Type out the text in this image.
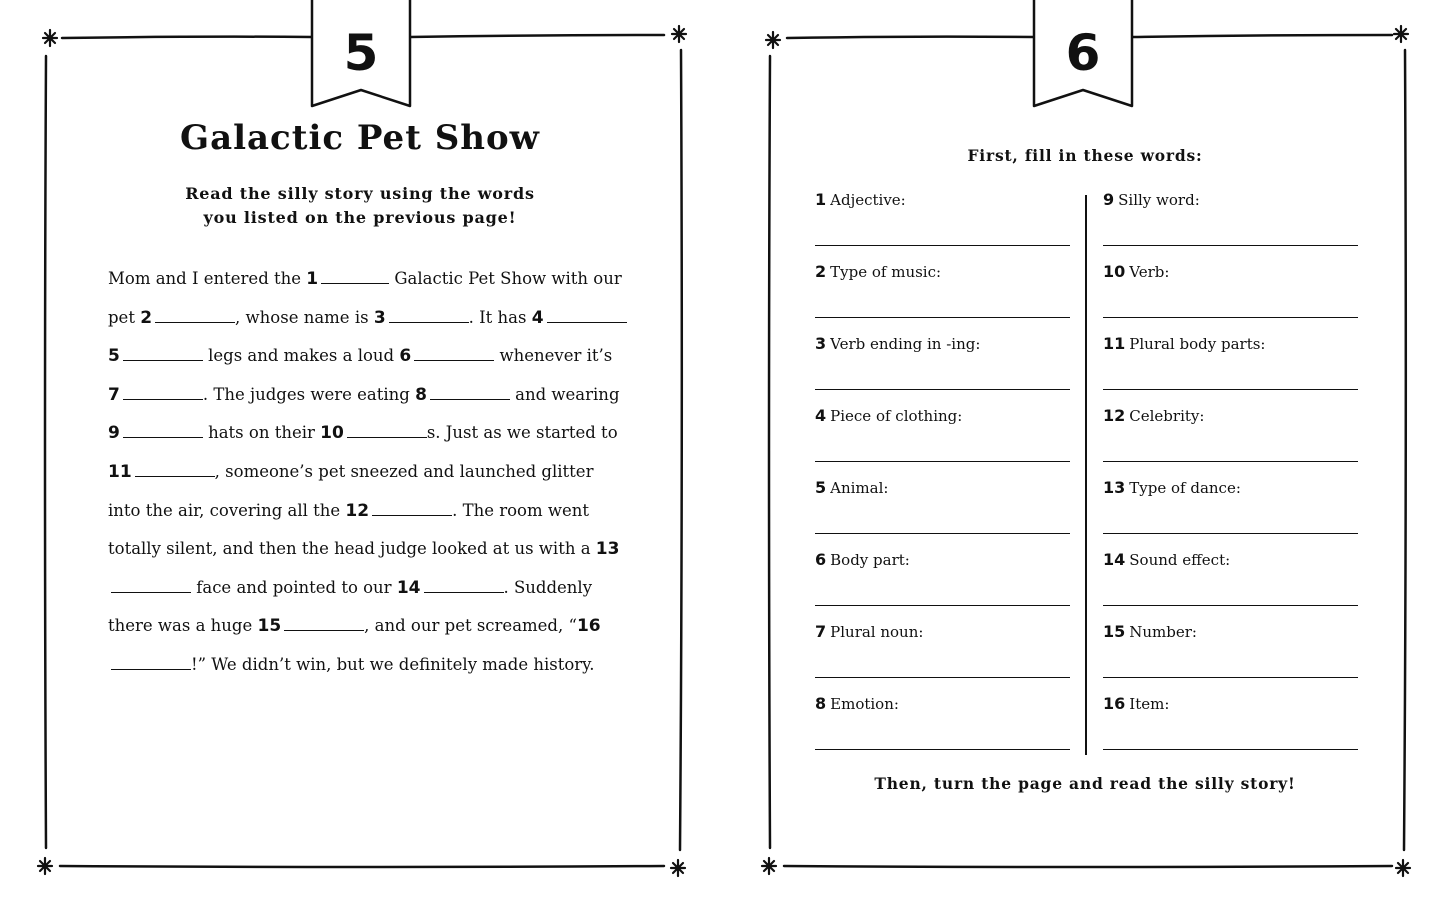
5
Galactic Pet Show
Read the silly story using the words
you listed on the previous page!
Mom and I entered the 1	Galactic Pet Show with our pet 2	, whose name is 3	. It has 4 5	legs and makes a loud 6	whenever it’s 7	. The judges were eating 8	and wearing 9	hats on their 10	s. Just as we started to 11	, someone’s pet sneezed and launched glitter into the air, covering all the 12	. The room went totally silent, and then the head judge looked at us with a 13 face and pointed to our 14	. Suddenly there was a huge 15	, and our pet screamed, “16!” We didn’t win, but we definitely made history.
6
First, fill in these words:
1 Adjective:
2 Type of music:
3 Verb ending in -ing:
4 Piece of clothing:
5 Animal:
6 Body part:
7 Plural noun:
8 Emotion:
9 Silly word:
10 Verb:
11 Plural body parts:
12 Celebrity:
13 Type of dance:
14 Sound effect:
15 Number:
16 Item:
Then, turn the page and read the silly story!
